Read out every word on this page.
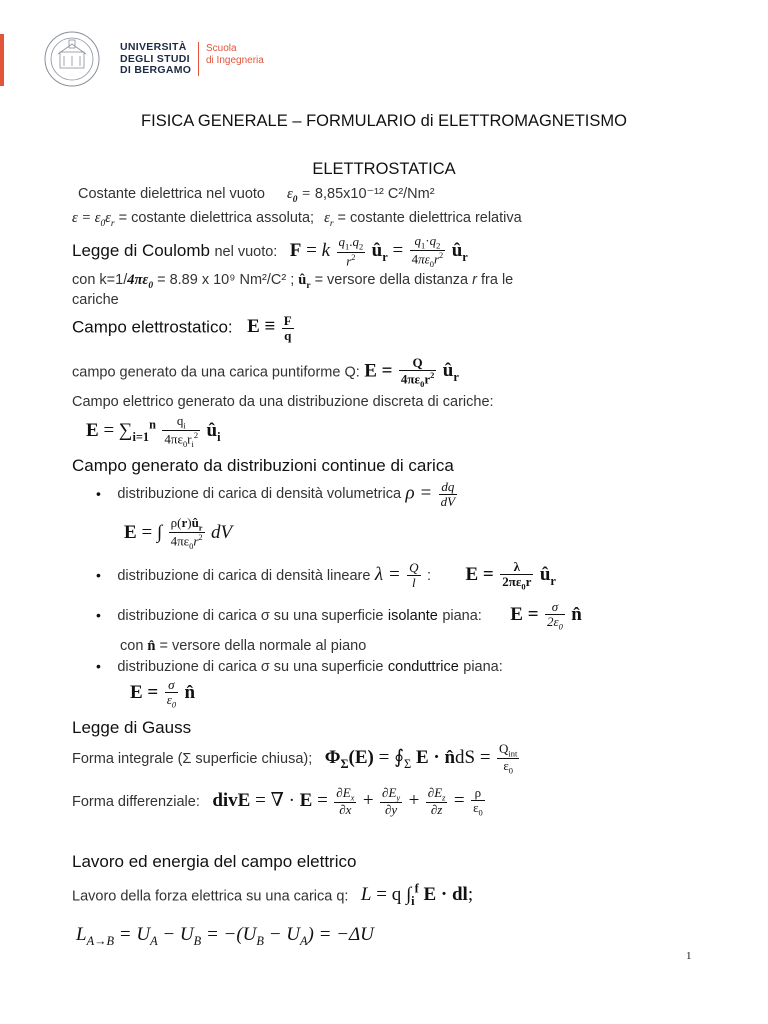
UNIVERSITÀ
DEGLI STUDI
DI BERGAMO
Scuola
di Ingegneria
FISICA GENERALE – FORMULARIO di ELETTROMAGNETISMO
ELETTROSTATICA
Costante dielettrica nel vuoto $\varepsilon_0 = 8,85x10^{-12}$ C²/Nm²
$\varepsilon = \varepsilon_0\varepsilon_r$ = costante dielettrica assoluta; $\varepsilon_r$ = costante dielettrica relativa
Legge di Coulomb nel vuoto: F = k $\frac{q_1.q_2}{r^2}$ $û_r = \frac{q_1\cdot q_2}{4\pi\varepsilon_0r^2}$ $û_r$
con $k=1/4\pi\varepsilon_0 = 8.89$ x 10⁹ Nm²/C² ; $û_r$ = versore della distanza r fra le
cariche
Campo elettrostatico: $E \equiv \frac{F}{q}$
campo generato da una carica puntiforme Q: $E = \frac{Q}{4\pi\varepsilon_0r^2}$ $û_r$
Campo elettrico generato da una distribuzione discreta di cariche:
$E = \sum_{i=1}^n \frac{q_i}{4\pi\varepsilon_0r_i^2}$ $û_i$
Campo generato da distribuzioni continue di carica
• distribuzione di carica di densità volumetrica $\rho = \frac{dq}{dV}$
E = ∫ $\frac{\rho(r)û_r}{4\pi\varepsilon_0r^2}$ dV
• distribuzione di carica di densità lineare $\lambda = \frac{Q}{l}$ : $E = \frac{\lambda}{2\pi\varepsilon_0r}$ $û_r$
• distribuzione di carica σ su una superficie isolante piana: $E = \frac{\sigma}{2\varepsilon_0}$ n̂
con n̂ = versore della normale al piano
• distribuzione di carica σ su una superficie conduttrice piana:
$E = \frac{\sigma}{\varepsilon_0}$ n̂
Legge di Gauss
Forma integrale (Σ superficie chiusa); $\Phi_\Sigma(E)$ = $∮_\Sigma$ E · n̂dS = $\frac{Q_{int}}{\varepsilon_0}$
Forma differenziale: divE = ∇ · $E = \frac{\partial E_x}{\partial x} + \frac{\partial E_y}{\partial y} + \frac{\partial E_z}{\partial z} = \frac{\rho}{\varepsilon_0}$
Lavoro ed energia del campo elettrico
Lavoro della forza elettrica su una carica q: L = q $\int_i^f$ E · dl;
$L_{A\to B} = U_A - U_B = -(U_B - U_A) = -\Delta U$
1
